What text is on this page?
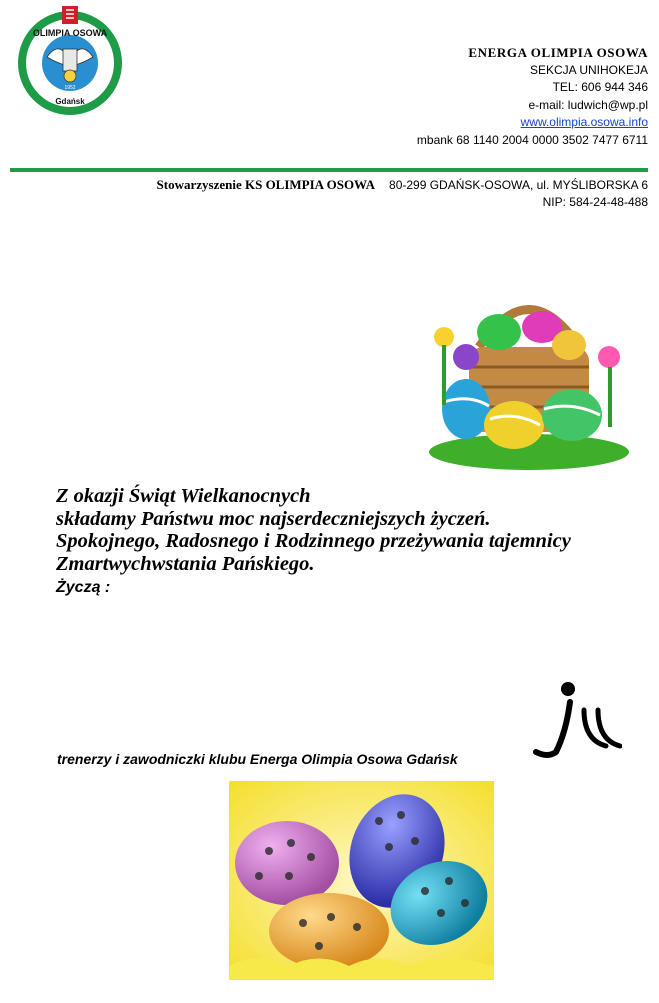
OLIMPIA OSOWA
1952
Gdańsk
ENERGA OLIMPIA OSOWA
SEKCJA UNIHOKEJA
TEL: 606 944 346
e-mail: ludwich@wp.pl
www.olimpia.osowa.info
mbank 68 1140 2004 0000 3502 7477 6711
Stowarzyszenie KS OLIMPIA OSOWA 80-299 GDAŃSK-OSOWA, ul. MYŚLIBORSKA 6
NIP: 584-24-48-488
Z okazji Świąt Wielkanocnych
składamy Państwu moc najserdeczniejszych życzeń.
Spokojnego, Radosnego i Rodzinnego przeżywania tajemnicy
Zmartwychwstania Pańskiego.
Życzą :
trenerzy i zawodniczki klubu Energa Olimpia Osowa Gdańsk
